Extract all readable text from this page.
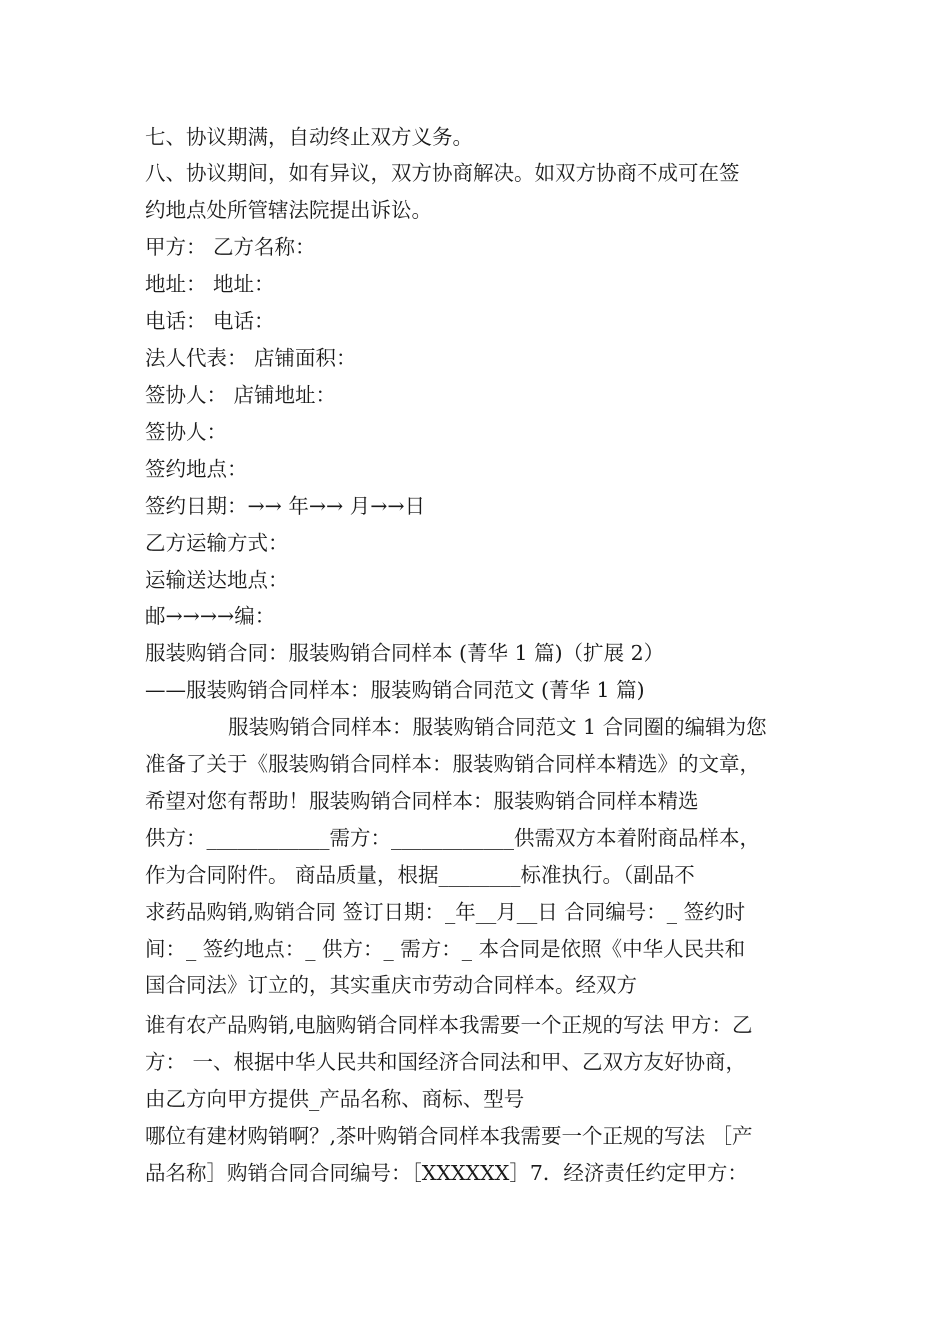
七、协议期满，自动终止双方义务。
八、协议期间，如有异议，双方协商解决。如双方协商不成可在签
约地点处所管辖法院提出诉讼。
甲方： 乙方名称：
地址： 地址：
电话： 电话：
法人代表： 店铺面积：
签协人： 店铺地址：
签协人：
签约地点：
签约日期：→→ 年→→ 月→→日
乙方运输方式：
运输送达地点：
邮→→→→编：
服装购销合同：服装购销合同样本 (菁华 1 篇)（扩展 2）
——服装购销合同样本：服装购销合同范文 (菁华 1 篇)
服装购销合同样本：服装购销合同范文 1 合同圈的编辑为您
准备了关于《服装购销合同样本：服装购销合同样本精选》的文章，
希望对您有帮助！服装购销合同样本：服装购销合同样本精选
供方：____________需方：____________供需双方本着附商品样本，
作为合同附件。 商品质量，根据________标准执行。（副品不
求药品购销,购销合同 签订日期：_年__月__日 合同编号：_ 签约时
间：_ 签约地点：_ 供方：_ 需方：_ 本合同是依照《中华人民共和
国合同法》订立的，其实重庆市劳动合同样本。经双方
谁有农产品购销,电脑购销合同样本我需要一个正规的写法 甲方：乙
方： 一、根据中华人民共和国经济合同法和甲、乙双方友好协商，
由乙方向甲方提供_产品名称、商标、型号
哪位有建材购销啊？,茶叶购销合同样本我需要一个正规的写法 ［产
品名称］购销合同合同编号：［XXXXXX］7．经济责任约定甲方：
